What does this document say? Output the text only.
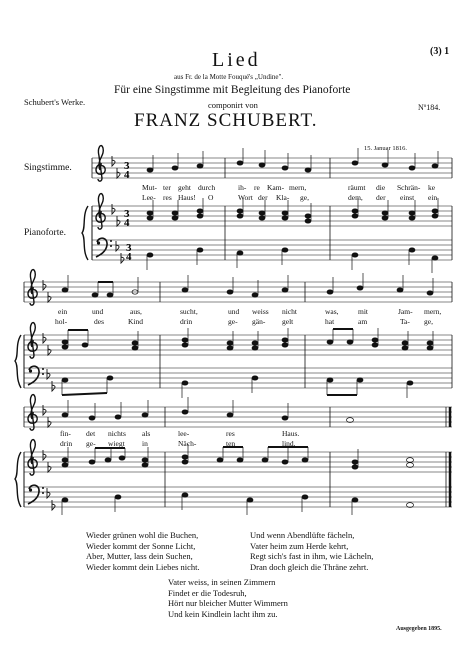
(3) 1
Lied
aus Fr. de la Motte Fouqué's „Undine".
Für eine Singstimme mit Begleitung des Pianoforte
componirt von
FRANZ SCHUBERT.
Schubert's Werke.
Nº184.
15. Januar 1816.
Singstimme.
Pianoforte.
3
4
3
4
3
4
Mut- ter geht durch	ih- re Kam- mern,	räumt die Schrän- ke
Lee- res Haus! O	Wort der Kla- ge,	dem, der einst ein
ein	und	aus,	sucht,	und weiss nicht	was,	mit	Jam- mern,
hol-	des	Kind	drin	ge- gän- gelt	hat	am	Ta- ge,
fin- det nichts als	lee-	res	Haus.
drin ge- wiegt in	Näch-	ten	lind.
Wieder grünen wohl die Buchen,
Wieder kommt der Sonne Licht,
Aber, Mutter, lass dein Suchen,
Wieder kommt dein Liebes nicht.
Und wenn Abendlüfte fächeln,
Vater heim zum Herde kehrt,
Regt sich's fast in ihm, wie Lächeln,
Dran doch gleich die Thräne zehrt.
Vater weiss, in seinen Zimmern
Findet er die Todesruh,
Hört nur bleicher Mutter Wimmern
Und kein Kindlein lacht ihm zu.
Ausgegeben 1895.
